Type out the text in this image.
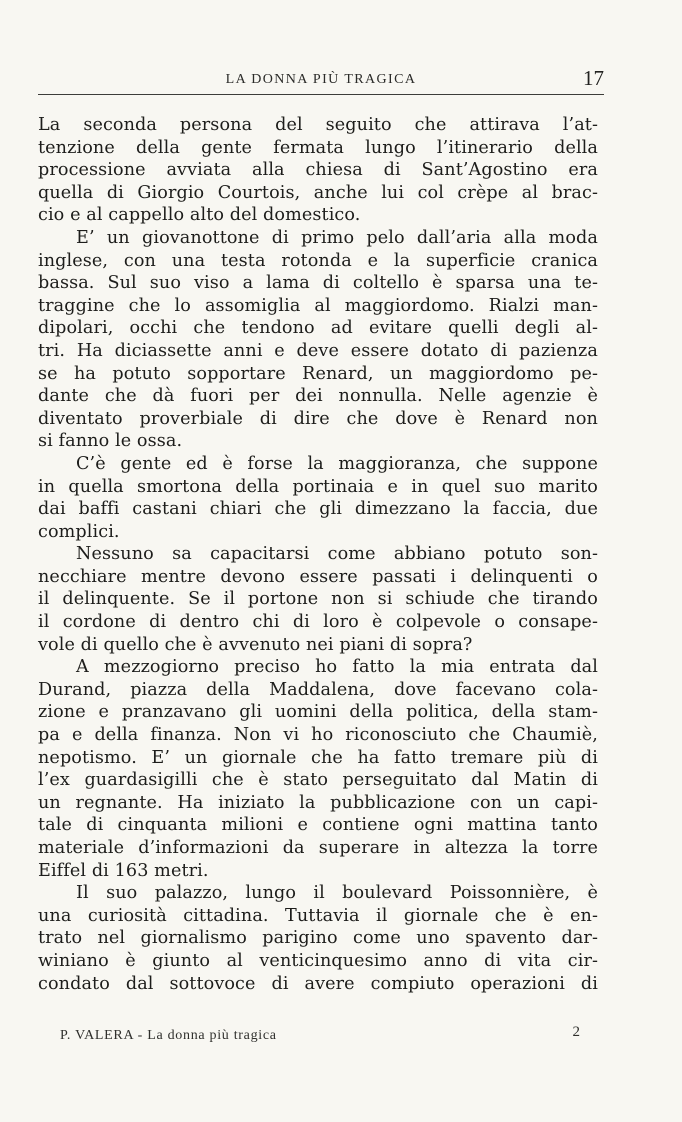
LA DONNA PIÙ TRAGICA	17
La seconda persona del seguito che attirava l’at-
tenzione della gente fermata lungo l’itinerario della
processione avviata alla chiesa di Sant’Agostino era
quella di Giorgio Courtois, anche lui col crèpe al brac-
cio e al cappello alto del domestico.
E’ un giovanottone di primo pelo dall’aria alla moda
inglese, con una testa rotonda e la superficie cranica
bassa. Sul suo viso a lama di coltello è sparsa una te-
traggine che lo assomiglia al maggiordomo. Rialzi man-
dipolari, occhi che tendono ad evitare quelli degli al-
tri. Ha diciassette anni e deve essere dotato di pazienza
se ha potuto sopportare Renard, un maggiordomo pe-
dante che dà fuori per dei nonnulla. Nelle agenzie è
diventato proverbiale di dire che dove è Renard non
si fanno le ossa.
C’è gente ed è forse la maggioranza, che suppone
in quella smortona della portinaia e in quel suo marito
dai baffi castani chiari che gli dimezzano la faccia, due
complici.
Nessuno sa capacitarsi come abbiano potuto son-
necchiare mentre devono essere passati i delinquenti o
il delinquente. Se il portone non si schiude che tirando
il cordone di dentro chi di loro è colpevole o consape-
vole di quello che è avvenuto nei piani di sopra?
A mezzogiorno preciso ho fatto la mia entrata dal
Durand, piazza della Maddalena, dove facevano cola-
zione e pranzavano gli uomini della politica, della stam-
pa e della finanza. Non vi ho riconosciuto che Chaumiè,
nepotismo. E’ un giornale che ha fatto tremare più di
l’ex guardasigilli che è stato perseguitato dal Matin di
un regnante. Ha iniziato la pubblicazione con un capi-
tale di cinquanta milioni e contiene ogni mattina tanto
materiale d’informazioni da superare in altezza la torre
Eiffel di 163 metri.
Il suo palazzo, lungo il boulevard Poissonnière, è
una curiosità cittadina. Tuttavia il giornale che è en-
trato nel giornalismo parigino come uno spavento dar-
winiano è giunto al venticinquesimo anno di vita cir-
condato dal sottovoce di avere compiuto operazioni di
P. VALERA - La donna più tragica	2
